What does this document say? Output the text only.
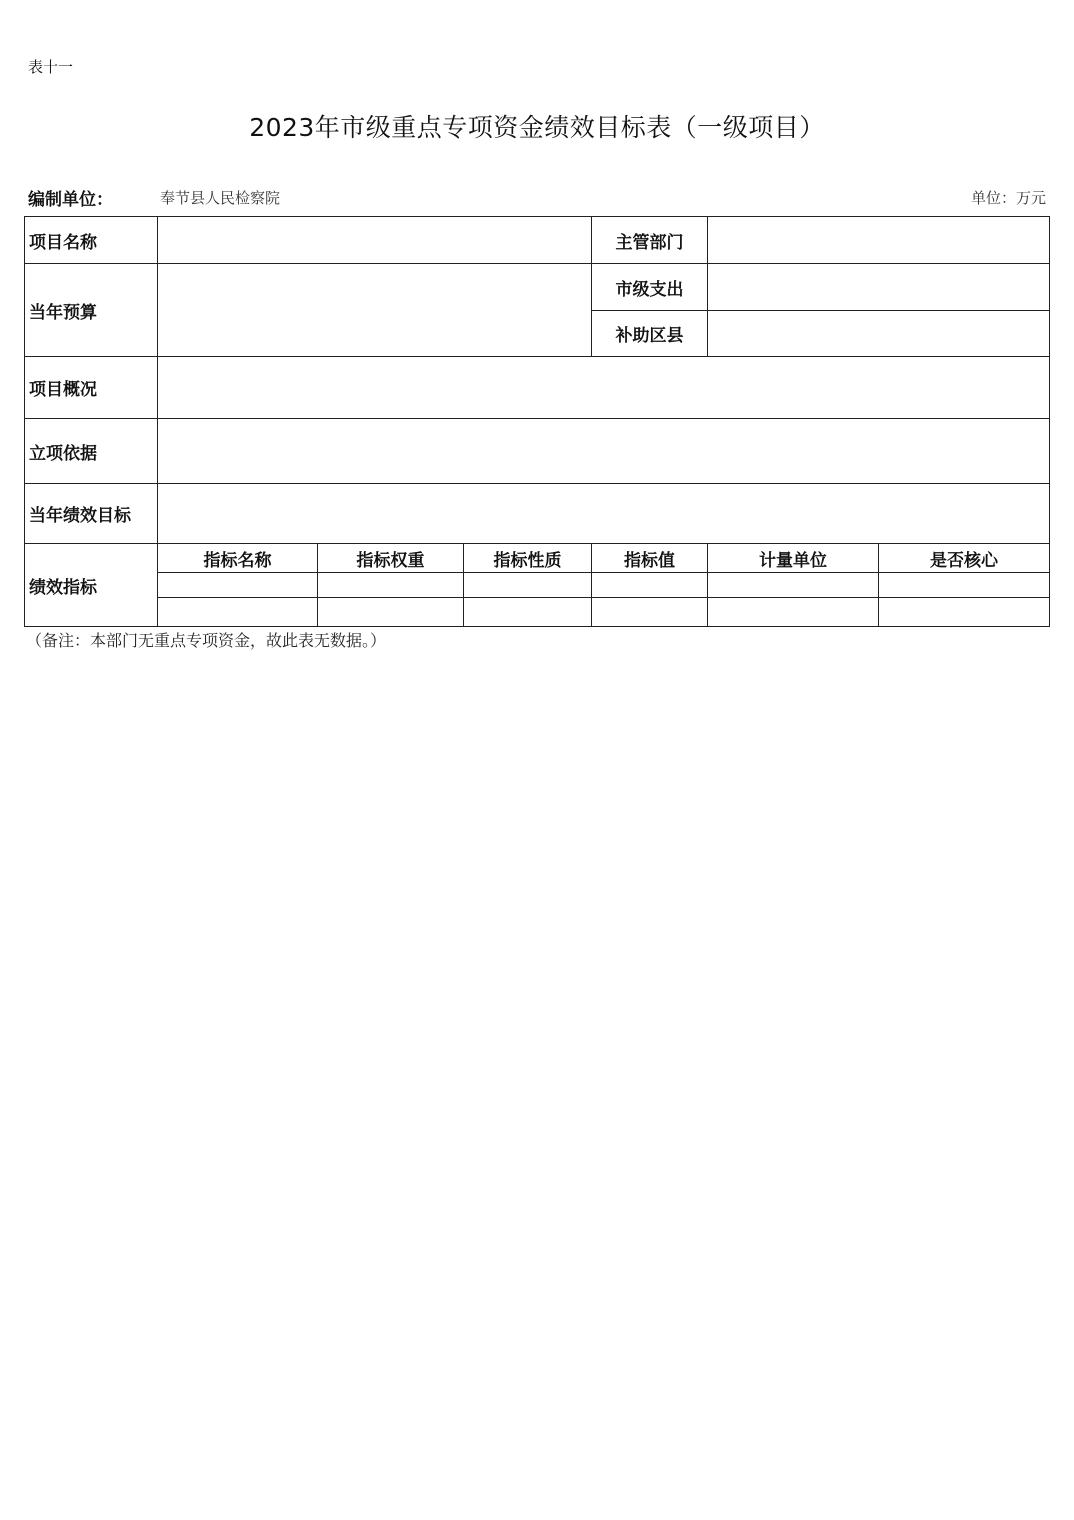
表十一
2023年市级重点专项资金绩效目标表（一级项目）
编制单位：	奉节县人民检察院	单位：万元
项目名称				主管部门		
当年预算				市级支出		
				补助区县		
项目概况						
立项依据						
当年绩效目标						
绩效指标	指标名称	指标权重	指标性质	指标值	计量单位	是否核心

（备注：本部门无重点专项资金，故此表无数据。）
